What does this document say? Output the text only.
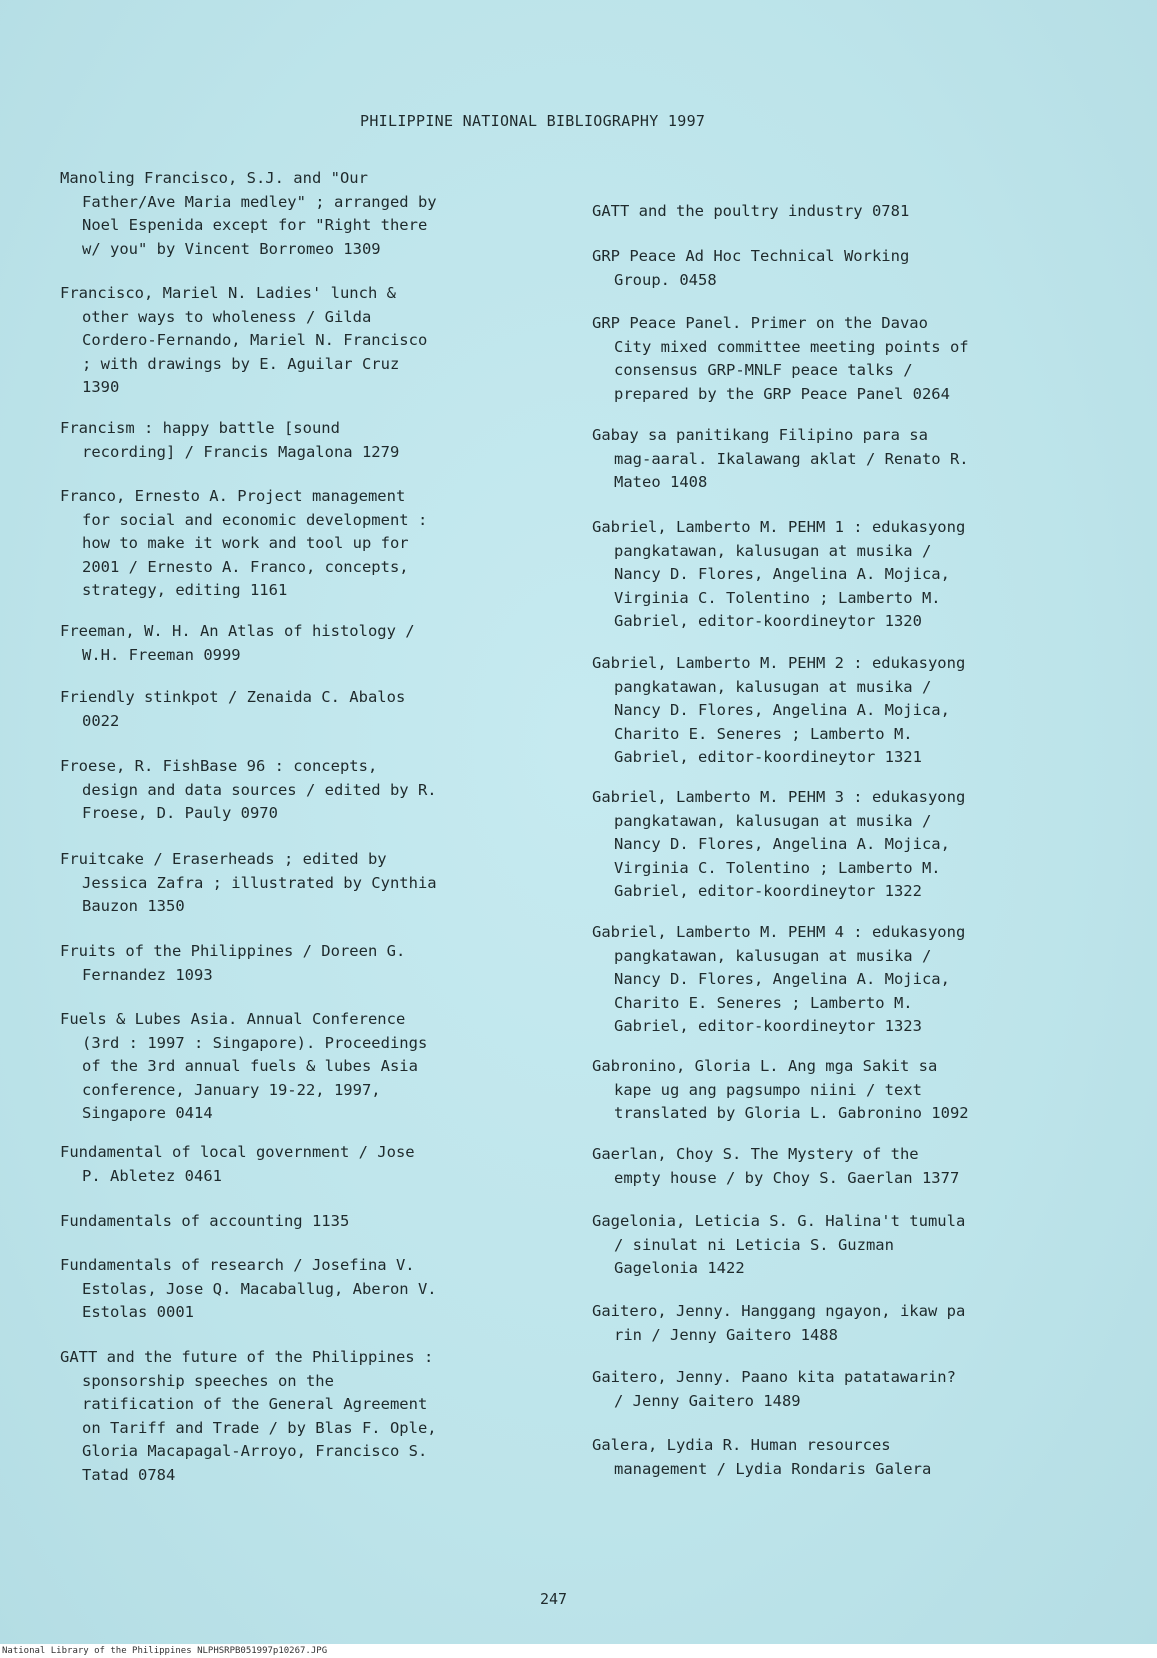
PHILIPPINE NATIONAL BIBLIOGRAPHY 1997
Manoling Francisco, S.J. and "Our
Father/Ave Maria medley" ; arranged by
Noel Espenida except for "Right there
w/ you" by Vincent Borromeo 1309
Francisco, Mariel N. Ladies' lunch &
other ways to wholeness / Gilda
Cordero-Fernando, Mariel N. Francisco
; with drawings by E. Aguilar Cruz
1390
Francism : happy battle [sound
recording] / Francis Magalona 1279
Franco, Ernesto A. Project management
for social and economic development :
how to make it work and tool up for
2001 / Ernesto A. Franco, concepts,
strategy, editing 1161
Freeman, W. H. An Atlas of histology /
W.H. Freeman 0999
Friendly stinkpot / Zenaida C. Abalos
0022
Froese, R. FishBase 96 : concepts,
design and data sources / edited by R.
Froese, D. Pauly 0970
Fruitcake / Eraserheads ; edited by
Jessica Zafra ; illustrated by Cynthia
Bauzon 1350
Fruits of the Philippines / Doreen G.
Fernandez 1093
Fuels & Lubes Asia. Annual Conference
(3rd : 1997 : Singapore). Proceedings
of the 3rd annual fuels & lubes Asia
conference, January 19-22, 1997,
Singapore 0414
Fundamental of local government / Jose
P. Abletez 0461
Fundamentals of accounting 1135
Fundamentals of research / Josefina V.
Estolas, Jose Q. Macaballug, Aberon V.
Estolas 0001
GATT and the future of the Philippines :
sponsorship speeches on the
ratification of the General Agreement
on Tariff and Trade / by Blas F. Ople,
Gloria Macapagal-Arroyo, Francisco S.
Tatad 0784
GATT and the poultry industry 0781
GRP Peace Ad Hoc Technical Working
Group. 0458
GRP Peace Panel. Primer on the Davao
City mixed committee meeting points of
consensus GRP-MNLF peace talks /
prepared by the GRP Peace Panel 0264
Gabay sa panitikang Filipino para sa
mag-aaral. Ikalawang aklat / Renato R.
Mateo 1408
Gabriel, Lamberto M. PEHM 1 : edukasyong
pangkatawan, kalusugan at musika /
Nancy D. Flores, Angelina A. Mojica,
Virginia C. Tolentino ; Lamberto M.
Gabriel, editor-koordineytor 1320
Gabriel, Lamberto M. PEHM 2 : edukasyong
pangkatawan, kalusugan at musika /
Nancy D. Flores, Angelina A. Mojica,
Charito E. Seneres ; Lamberto M.
Gabriel, editor-koordineytor 1321
Gabriel, Lamberto M. PEHM 3 : edukasyong
pangkatawan, kalusugan at musika /
Nancy D. Flores, Angelina A. Mojica,
Virginia C. Tolentino ; Lamberto M.
Gabriel, editor-koordineytor 1322
Gabriel, Lamberto M. PEHM 4 : edukasyong
pangkatawan, kalusugan at musika /
Nancy D. Flores, Angelina A. Mojica,
Charito E. Seneres ; Lamberto M.
Gabriel, editor-koordineytor 1323
Gabronino, Gloria L. Ang mga Sakit sa
kape ug ang pagsumpo niini / text
translated by Gloria L. Gabronino 1092
Gaerlan, Choy S. The Mystery of the
empty house / by Choy S. Gaerlan 1377
Gagelonia, Leticia S. G. Halina't tumula
/ sinulat ni Leticia S. Guzman
Gagelonia 1422
Gaitero, Jenny. Hanggang ngayon, ikaw pa
rin / Jenny Gaitero 1488
Gaitero, Jenny. Paano kita patatawarin?
/ Jenny Gaitero 1489
Galera, Lydia R. Human resources
management / Lydia Rondaris Galera
247
National Library of the Philippines NLPHSRPB051997p10267.JPG
